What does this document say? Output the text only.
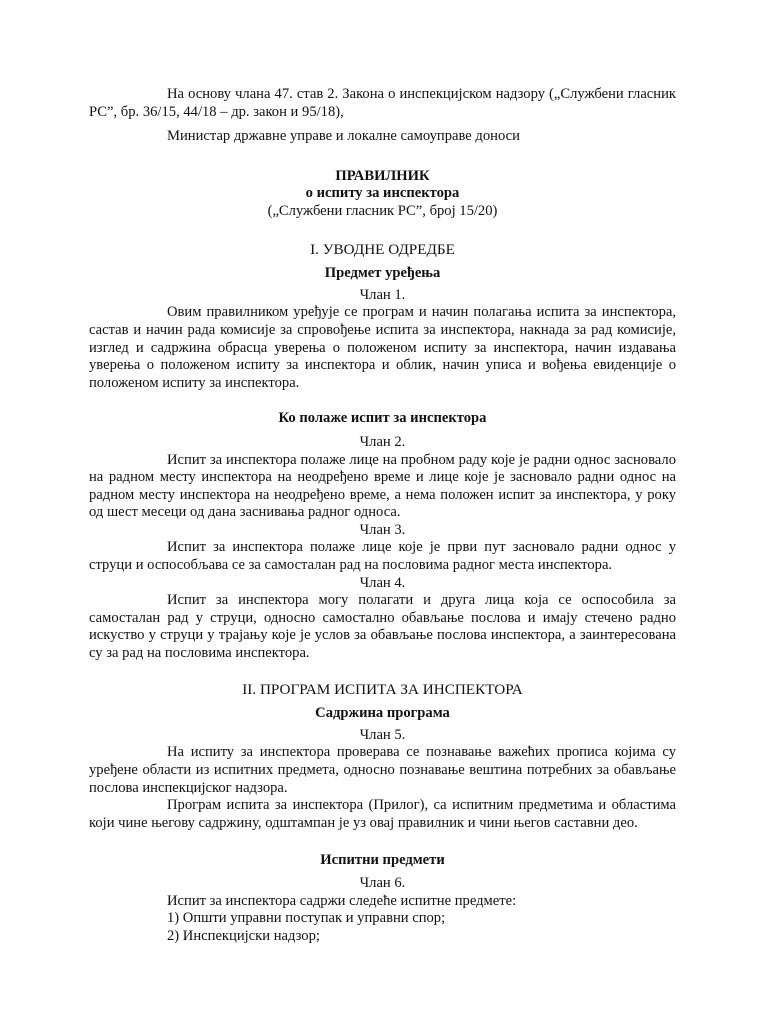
На основу члана 47. став 2. Закона о инспекцијском надзору („Службени гласник РС”, бр. 36/15, 44/18 – др. закон и 95/18),

Министар државне управе и локалне самоуправе доноси

ПРАВИЛНИК

о испиту за инспектора

(„Службени гласник РС”, број 15/20)

I. УВОДНЕ ОДРЕДБЕ

Предмет уређења

Члан 1.

Овим правилником уређује се програм и начин полагања испита за инспектора, састав и начин рада комисије за спровођење испита за инспектора, накнада за рад комисије, изглед и садржина обрасца уверења о положеном испиту за инспектора, начин издавања уверења о положеном испиту за инспектора и облик, начин уписа и вођења евиденције о положеном испиту за инспектора.

Ко полаже испит за инспектора

Члан 2.

Испит за инспектора полаже лице на пробном раду које је радни однос засновало на радном месту инспектора на неодређено време и лице које је засновало радни однос на радном месту инспектора на неодређено време, а нема положен испит за инспектора, у року од шест месеци од дана заснивања радног односа.

Члан 3.

Испит за инспектора полаже лице које је први пут засновало радни однос у струци и оспособљава се за самосталан рад на пословима радног места инспектора.

Члан 4.

Испит за инспектора могу полагати и друга лица која се оспособила за самосталан рад у струци, односно самостално обављање послова и имају стечено радно искуство у струци у трајању које је услов за обављање послова инспектора, а заинтересована су за рад на пословима инспектора.

II. ПРОГРАМ ИСПИТА ЗА ИНСПЕКТОРА

Садржина програма

Члан 5.

На испиту за инспектора проверава се познавање важећих прописа којима су уређене области из испитних предмета, односно познавање вештина потребних за обављање послова инспекцијског надзора.

Програм испита за инспектора (Прилог), са испитним предметима и областима који чине његову садржину, одштампан је уз овај правилник и чини његов саставни део.

Испитни предмети

Члан 6.

Испит за инспектора садржи следеће испитне предмете:

1) Општи управни поступак и управни спор;

2) Инспекцијски надзор;
